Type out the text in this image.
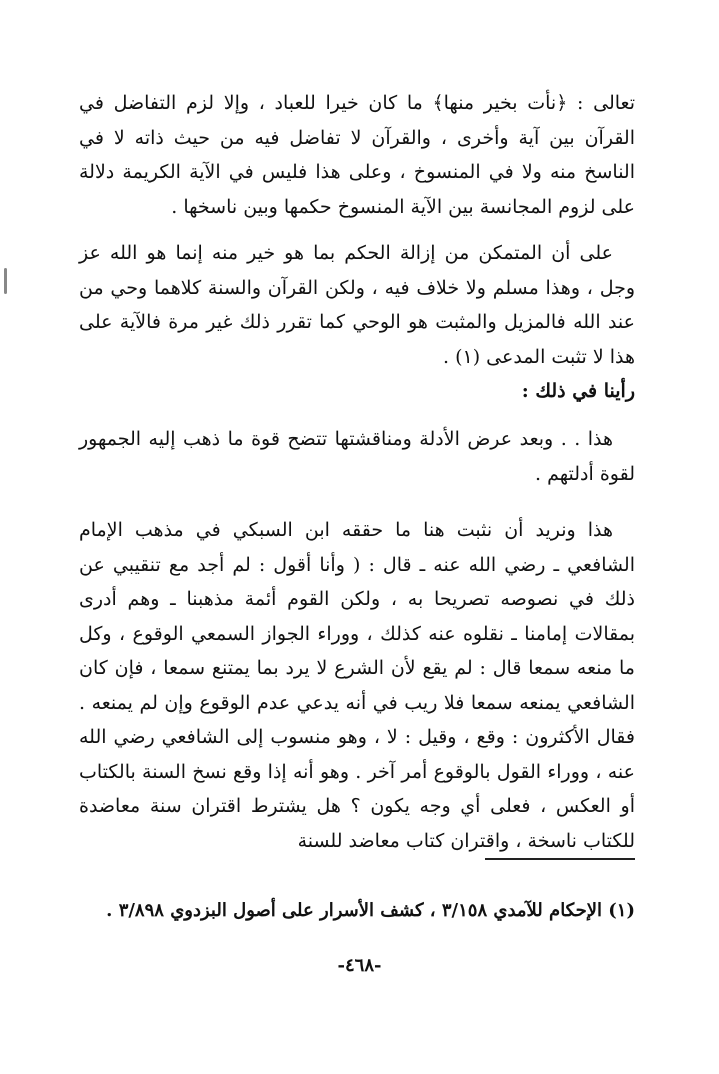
تعالى : ﴿نأت بخير منها﴾ ما كان خيرا للعباد ، وإلا لزم التفاضل في القرآن بين آية وأخرى ، والقرآن لا تفاضل فيه من حيث ذاته لا في الناسخ منه ولا في المنسوخ ، وعلى هذا فليس في الآية الكريمة دلالة على لزوم المجانسة بين الآية المنسوخ حكمها وبين ناسخها .

على أن المتمكن من إزالة الحكم بما هو خير منه إنما هو الله عز وجل ، وهذا مسلم ولا خلاف فيه ، ولكن القرآن والسنة كلاهما وحي من عند الله فالمزيل والمثبت هو الوحي كما تقرر ذلك غير مرة فالآية على هذا لا تثبت المدعى (١) .

رأينا في ذلك :

هذا . . وبعد عرض الأدلة ومناقشتها تتضح قوة ما ذهب إليه الجمهور لقوة أدلتهم .

هذا ونريد أن نثبت هنا ما حققه ابن السبكي في مذهب الإمام الشافعي ـ رضي الله عنه ـ قال : ( وأنا أقول : لم أجد مع تنقيبي عن ذلك في نصوصه تصريحا به ، ولكن القوم أئمة مذهبنا ـ وهم أدرى بمقالات إمامنا ـ نقلوه عنه كذلك ، ووراء الجواز السمعي الوقوع ، وكل ما منعه سمعا قال : لم يقع لأن الشرع لا يرد بما يمتنع سمعا ، فإن كان الشافعي يمنعه سمعا فلا ريب في أنه يدعي عدم الوقوع وإن لم يمنعه . فقال الأكثرون : وقع ، وقيل : لا ، وهو منسوب إلى الشافعي رضي الله عنه ، ووراء القول بالوقوع أمر آخر . وهو أنه إذا وقع نسخ السنة بالكتاب أو العكس ، فعلى أي وجه يكون ؟ هل يشترط اقتران سنة معاضدة للكتاب ناسخة ، واقتران كتاب معاضد للسنة

(١) الإحكام للآمدي ٣/١٥٨ ، كشف الأسرار على أصول البزدوي ٣/٨٩٨ .

-٤٦٨-
